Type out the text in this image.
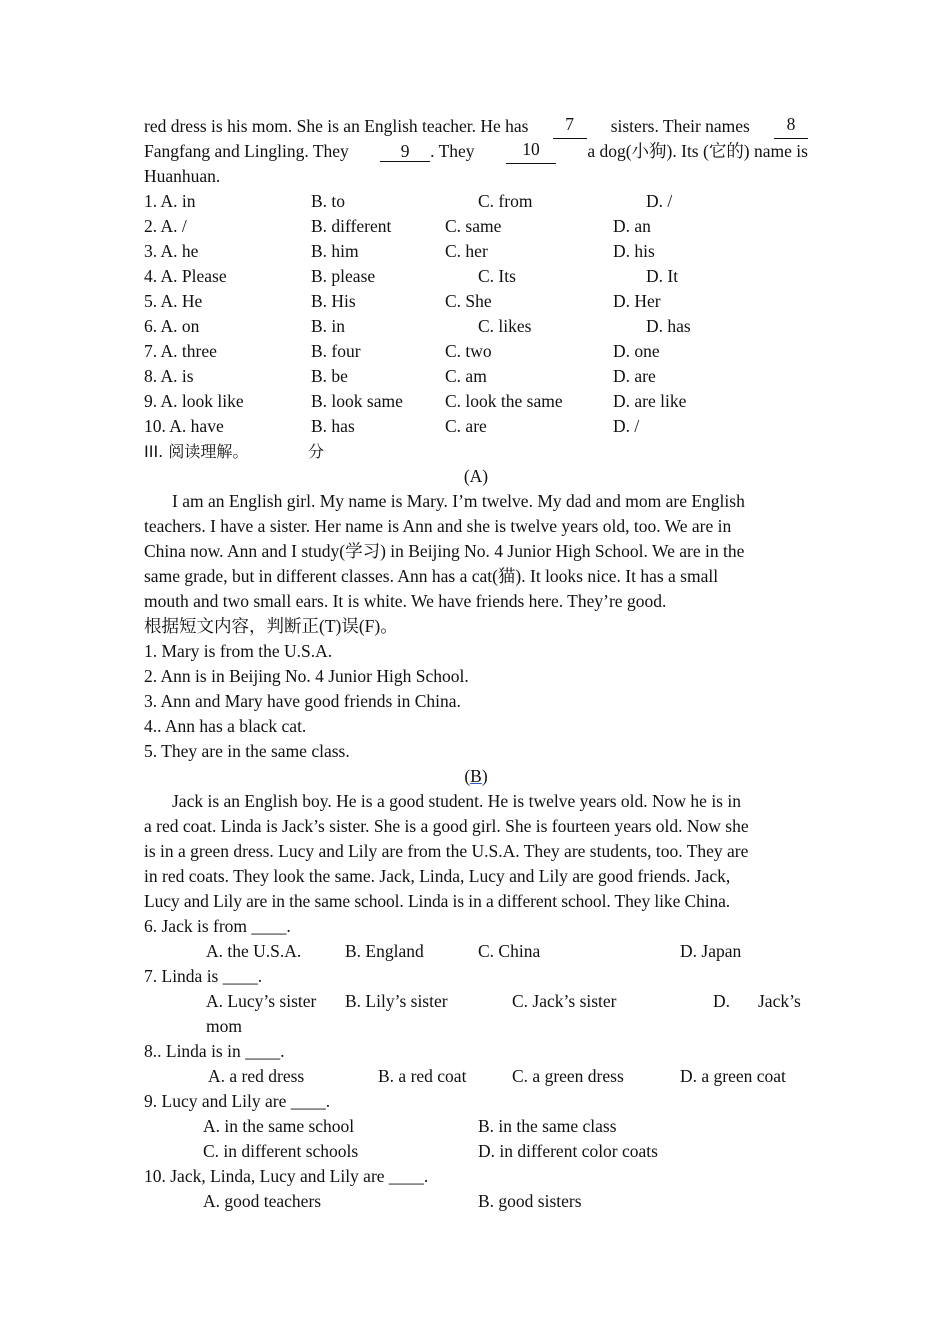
red dress is his mom. She is an English teacher. He has	7	sisters. Their names	8
Fangfang and Lingling. They	9 . They	10	a dog(小狗). Its (它的) name is
Huanhuan.
1. A. in	B. to	C. from	D. /
2. A. /	B. different	C. same	D. an
3. A. he	B. him	C. her	D. his
4. A. Please	B. please	C. Its	D. It
5. A. He	B. His	C. She	D. Her
6. A. on	B. in	C. likes	D. has
7. A. three	B. four	C. two	D. one
8. A. is	B. be	C. am	D. are
9. A. look like	B. look same C. look the same	D. are like
10. A. have	B. has	C. are	D. /
III. 阅读理解。	分
(A)
I am an English girl. My name is Mary. I’m twelve. My dad and mom are English
teachers. I have a sister. Her name is Ann and she is twelve years old, too. We are in
China now. Ann and I study(学习) in Beijing No. 4 Junior High School. We are in the
same grade, but in different classes. Ann has a cat(猫). It looks nice. It has a small
mouth and two small ears. It is white. We have friends here. They’re good.
根据短文内容，判断正(T)误(F)。
1. Mary is from the U.S.A.
2. Ann is in Beijing No. 4 Junior High School.
3. Ann and Mary have good friends in China.
4.. Ann has a black cat.
5. They are in the same class.
(B)
Jack is an English boy. He is a good student. He is twelve years old. Now he is in
a red coat. Linda is Jack’s sister. She is a good girl. She is fourteen years old. Now she
is in a green dress. Lucy and Lily are from the U.S.A. They are students, too. They are
in red coats. They look the same. Jack, Linda, Lucy and Lily are good friends. Jack,
Lucy and Lily are in the same school. Linda is in a different school. They like China.
6. Jack is from ____.
A. the U.S.A. B. England	C. China	D. Japan
7. Linda is ____.
A. Lucy’s sister B. Lily’s sister	C. Jack’s sister	D. Jack’s
mom
8.. Linda is in ____.
A. a red dress	B. a red coat	C. a green dress	D. a green coat
9. Lucy and Lily are ____.
A. in the same school	B. in the same class
C. in different schools	D. in different color coats
10. Jack, Linda, Lucy and Lily are ____.
A. good teachers	B. good sisters
